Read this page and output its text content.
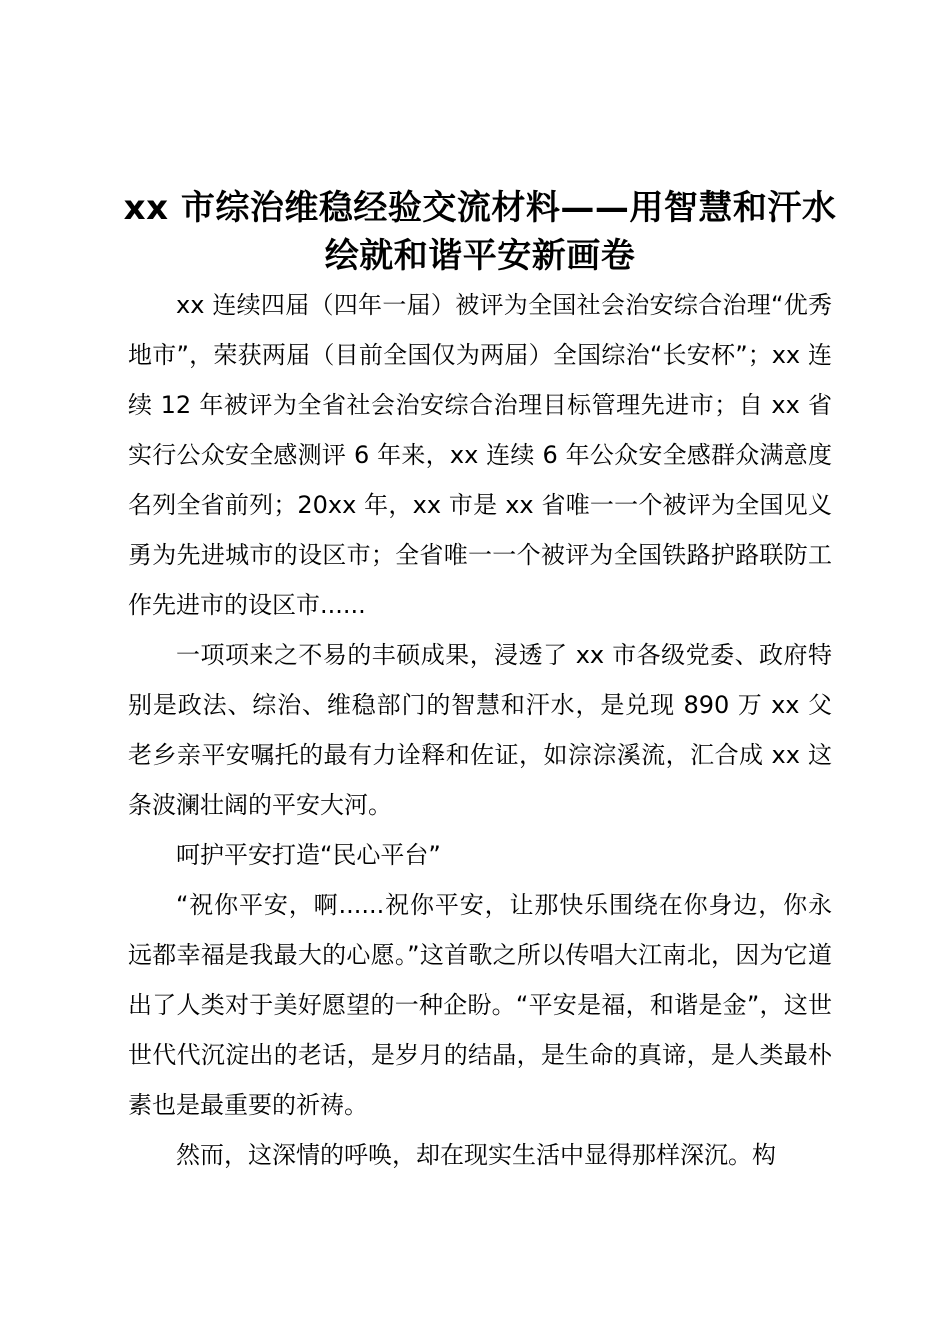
xx 市综治维稳经验交流材料——用智慧和汗水绘就和谐平安新画卷

xx 连续四届（四年一届）被评为全国社会治安综合治理“优秀地市”，荣获两届（目前全国仅为两届）全国综治“长安杯”；xx 连续 12 年被评为全省社会治安综合治理目标管理先进市；自 xx 省实行公众安全感测评 6 年来，xx 连续 6 年公众安全感群众满意度名列全省前列；20xx 年，xx 市是 xx 省唯一一个被评为全国见义勇为先进城市的设区市；全省唯一一个被评为全国铁路护路联防工作先进市的设区市......

一项项来之不易的丰硕成果，浸透了 xx 市各级党委、政府特别是政法、综治、维稳部门的智慧和汗水，是兑现 890 万 xx 父老乡亲平安嘱托的最有力诠释和佐证，如淙淙溪流，汇合成 xx 这条波澜壮阔的平安大河。

呵护平安打造“民心平台”

“祝你平安，啊......祝你平安，让那快乐围绕在你身边，你永远都幸福是我最大的心愿。”这首歌之所以传唱大江南北，因为它道出了人类对于美好愿望的一种企盼。“平安是福，和谐是金”，这世世代代沉淀出的老话，是岁月的结晶，是生命的真谛，是人类最朴素也是最重要的祈祷。

然而，这深情的呼唤，却在现实生活中显得那样深沉。构
